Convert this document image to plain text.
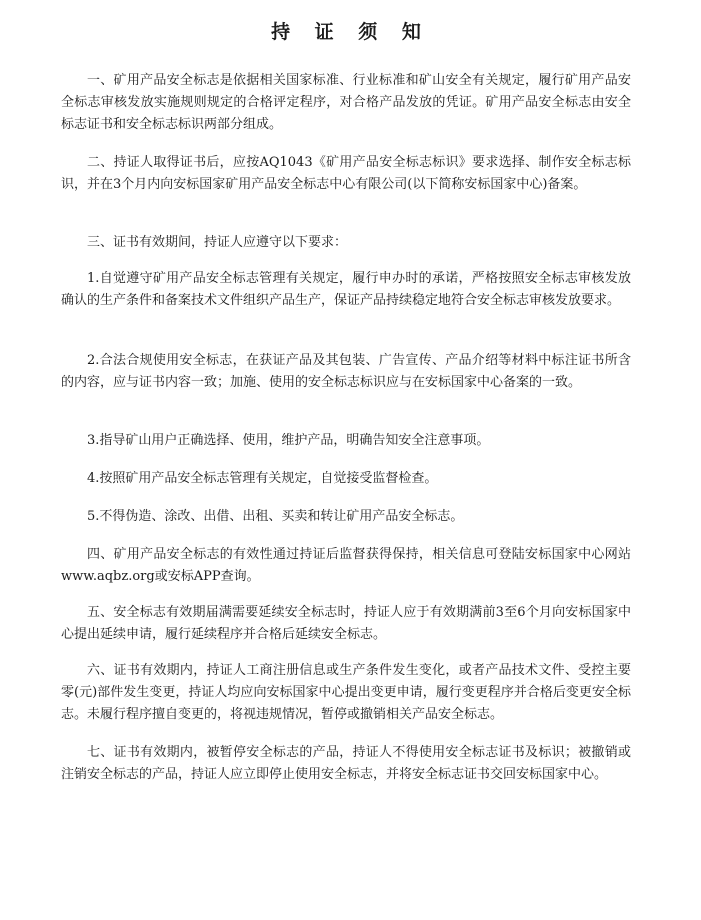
持 证 须 知

一、矿用产品安全标志是依据相关国家标准、行业标准和矿山安全有关规定，履行矿用产品安全标志审核发放实施规则规定的合格评定程序，对合格产品发放的凭证。矿用产品安全标志由安全标志证书和安全标志标识两部分组成。

二、持证人取得证书后，应按AQ1043《矿用产品安全标志标识》要求选择、制作安全标志标识，并在3个月内向安标国家矿用产品安全标志中心有限公司(以下简称安标国家中心)备案。

三、证书有效期间，持证人应遵守以下要求：

1.自觉遵守矿用产品安全标志管理有关规定，履行申办时的承诺，严格按照安全标志审核发放确认的生产条件和备案技术文件组织产品生产，保证产品持续稳定地符合安全标志审核发放要求。

2.合法合规使用安全标志，在获证产品及其包装、广告宣传、产品介绍等材料中标注证书所含的内容，应与证书内容一致；加施、使用的安全标志标识应与在安标国家中心备案的一致。

3.指导矿山用户正确选择、使用，维护产品，明确告知安全注意事项。

4.按照矿用产品安全标志管理有关规定，自觉接受监督检查。

5.不得伪造、涂改、出借、出租、买卖和转让矿用产品安全标志。

四、矿用产品安全标志的有效性通过持证后监督获得保持，相关信息可登陆安标国家中心网站www.aqbz.org或安标APP查询。

五、安全标志有效期届满需要延续安全标志时，持证人应于有效期满前3至6个月向安标国家中心提出延续申请，履行延续程序并合格后延续安全标志。

六、证书有效期内，持证人工商注册信息或生产条件发生变化，或者产品技术文件、受控主要零(元)部件发生变更，持证人均应向安标国家中心提出变更申请，履行变更程序并合格后变更安全标志。未履行程序擅自变更的，将视违规情况，暂停或撤销相关产品安全标志。

七、证书有效期内，被暂停安全标志的产品，持证人不得使用安全标志证书及标识；被撤销或注销安全标志的产品，持证人应立即停止使用安全标志，并将安全标志证书交回安标国家中心。
